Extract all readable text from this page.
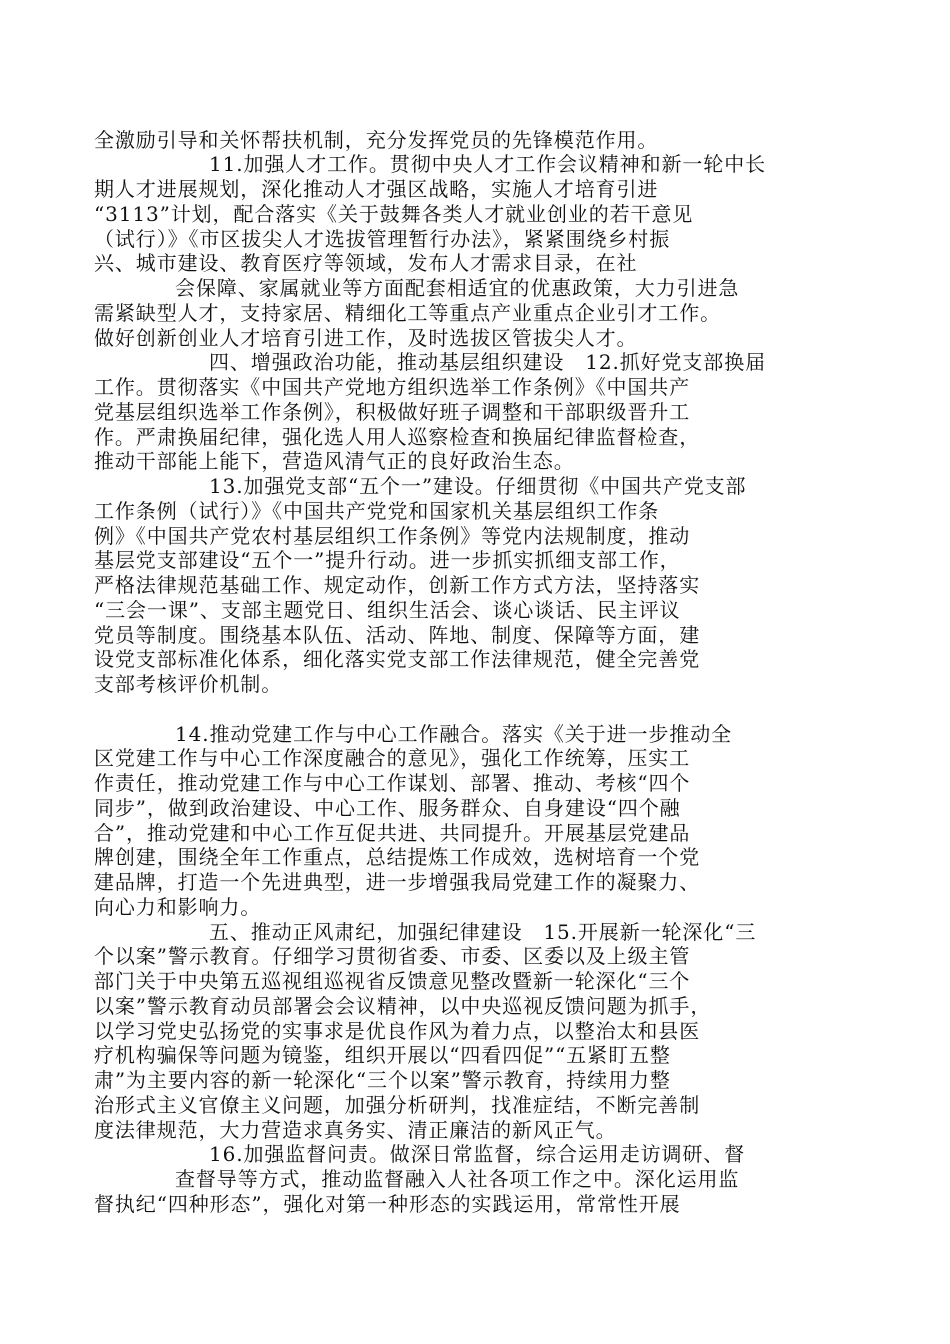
全激励引导和关怀帮扶机制，充分发挥党员的先锋模范作用。
11.加强人才工作。贯彻中央人才工作会议精神和新一轮中长
期人才进展规划，深化推动人才强区战略，实施人才培育引进
“3113”计划，配合落实《关于鼓舞各类人才就业创业的若干意见
（试行）》《市区拔尖人才选拔管理暂行办法》，紧紧围绕乡村振
兴、城市建设、教育医疗等领域，发布人才需求目录，在社
会保障、家属就业等方面配套相适宜的优惠政策，大力引进急
需紧缺型人才，支持家居、精细化工等重点产业重点企业引才工作。
做好创新创业人才培育引进工作，及时选拔区管拔尖人才。
四、增强政治功能，推动基层组织建设　12.抓好党支部换届
工作。贯彻落实《中国共产党地方组织选举工作条例》《中国共产
党基层组织选举工作条例》，积极做好班子调整和干部职级晋升工
作。严肃换届纪律，强化选人用人巡察检查和换届纪律监督检查，
推动干部能上能下，营造风清气正的良好政治生态。
13.加强党支部“五个一”建设。仔细贯彻《中国共产党支部
工作条例（试行）》《中国共产党党和国家机关基层组织工作条
例》《中国共产党农村基层组织工作条例》等党内法规制度，推动
基层党支部建设“五个一”提升行动。进一步抓实抓细支部工作，
严格法律规范基础工作、规定动作，创新工作方式方法，坚持落实
“三会一课”、支部主题党日、组织生活会、谈心谈话、民主评议
党员等制度。围绕基本队伍、活动、阵地、制度、保障等方面，建
设党支部标准化体系，细化落实党支部工作法律规范，健全完善党
支部考核评价机制。
14.推动党建工作与中心工作融合。落实《关于进一步推动全
区党建工作与中心工作深度融合的意见》，强化工作统筹，压实工
作责任，推动党建工作与中心工作谋划、部署、推动、考核“四个
同步”，做到政治建设、中心工作、服务群众、自身建设“四个融
合”，推动党建和中心工作互促共进、共同提升。开展基层党建品
牌创建，围绕全年工作重点，总结提炼工作成效，选树培育一个党
建品牌，打造一个先进典型，进一步增强我局党建工作的凝聚力、
向心力和影响力。
五、推动正风肃纪，加强纪律建设　15.开展新一轮深化“三
个以案”警示教育。仔细学习贯彻省委、市委、区委以及上级主管
部门关于中央第五巡视组巡视省反馈意见整改暨新一轮深化“三个
以案”警示教育动员部署会会议精神，以中央巡视反馈问题为抓手，
以学习党史弘扬党的实事求是优良作风为着力点，以整治太和县医
疗机构骗保等问题为镜鉴，组织开展以“四看四促”“五紧盯五整
肃”为主要内容的新一轮深化“三个以案”警示教育，持续用力整
治形式主义官僚主义问题，加强分析研判，找准症结，不断完善制
度法律规范，大力营造求真务实、清正廉洁的新风正气。
16.加强监督问责。做深日常监督，综合运用走访调研、督
查督导等方式，推动监督融入人社各项工作之中。深化运用监
督执纪“四种形态”，强化对第一种形态的实践运用，常常性开展
